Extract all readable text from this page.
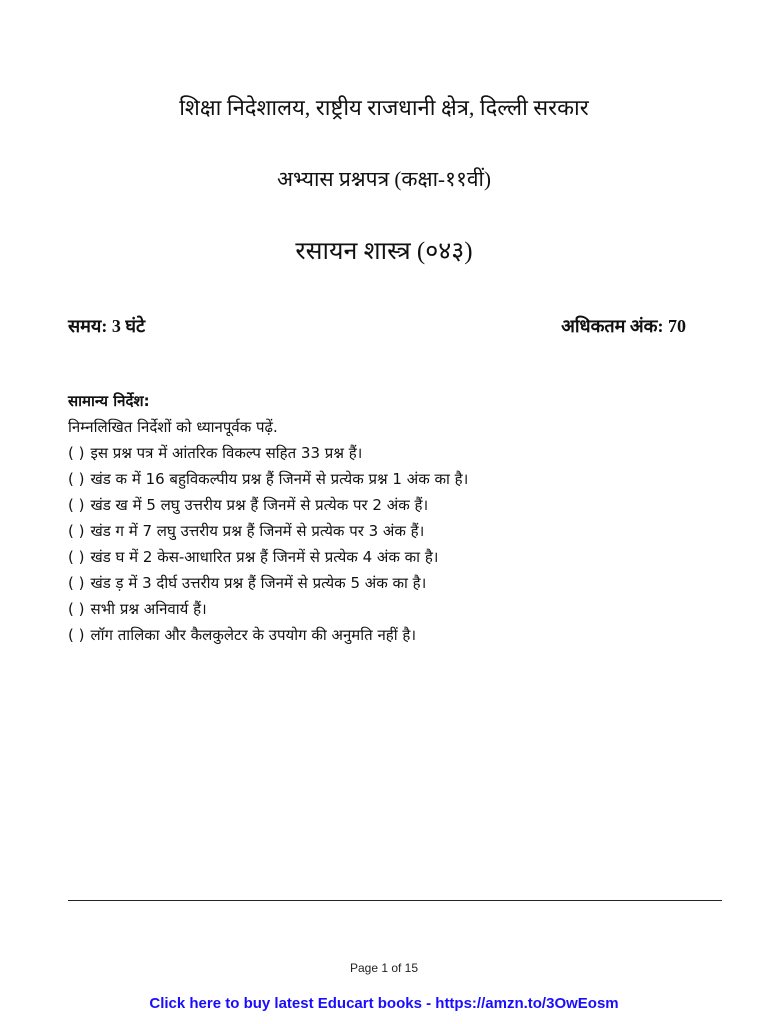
शिक्षा निदेशालय, राष्ट्रीय राजधानी क्षेत्र, दिल्ली सरकार
अभ्यास प्रश्नपत्र (कक्षा-११वीं)
रसायन शास्त्र (०४३)
समय: 3 घंटे	अधिकतम अंक: 70
सामान्य निर्देश:
निम्नलिखित निर्देशों को ध्यानपूर्वक पढ़ें.
( ) इस प्रश्न पत्र में आंतरिक विकल्प सहित 33 प्रश्न हैं।
( ) खंड क में 16 बहुविकल्पीय प्रश्न हैं जिनमें से प्रत्येक प्रश्न 1 अंक का है।
( ) खंड ख में 5 लघु उत्तरीय प्रश्न हैं जिनमें से प्रत्येक पर 2 अंक हैं।
( ) खंड ग में 7 लघु उत्तरीय प्रश्न हैं जिनमें से प्रत्येक पर 3 अंक हैं।
( ) खंड घ में 2 केस-आधारित प्रश्न हैं जिनमें से प्रत्येक 4 अंक का है।
( ) खंड ड़ में 3 दीर्घ उत्तरीय प्रश्न हैं जिनमें से प्रत्येक 5 अंक का है।
( ) सभी प्रश्न अनिवार्य हैं।
( ) लॉग तालिका और कैलकुलेटर के उपयोग की अनुमति नहीं है।
Page 1 of 15
Click here to buy latest Educart books - https://amzn.to/3OwEosm
